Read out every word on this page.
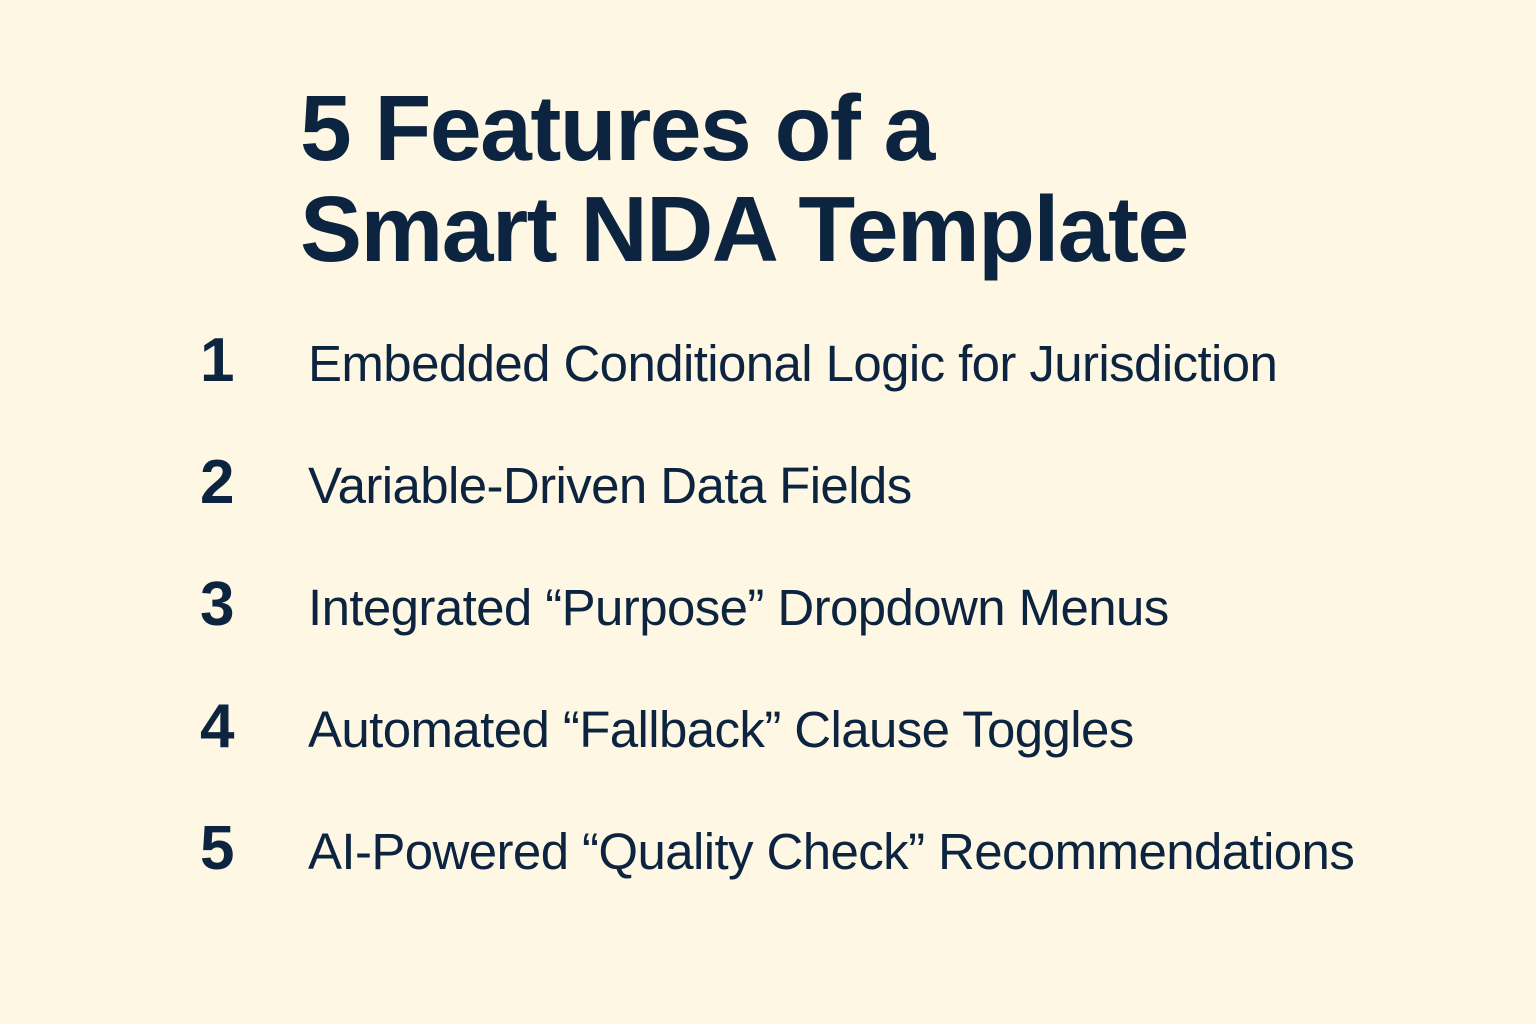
5 Features of a
Smart NDA Template
1	Embedded Conditional Logic for Jurisdiction
2	Variable-Driven Data Fields
3	Integrated “Purpose” Dropdown Menus
4	Automated “Fallback” Clause Toggles
5	AI-Powered “Quality Check” Recommendations
